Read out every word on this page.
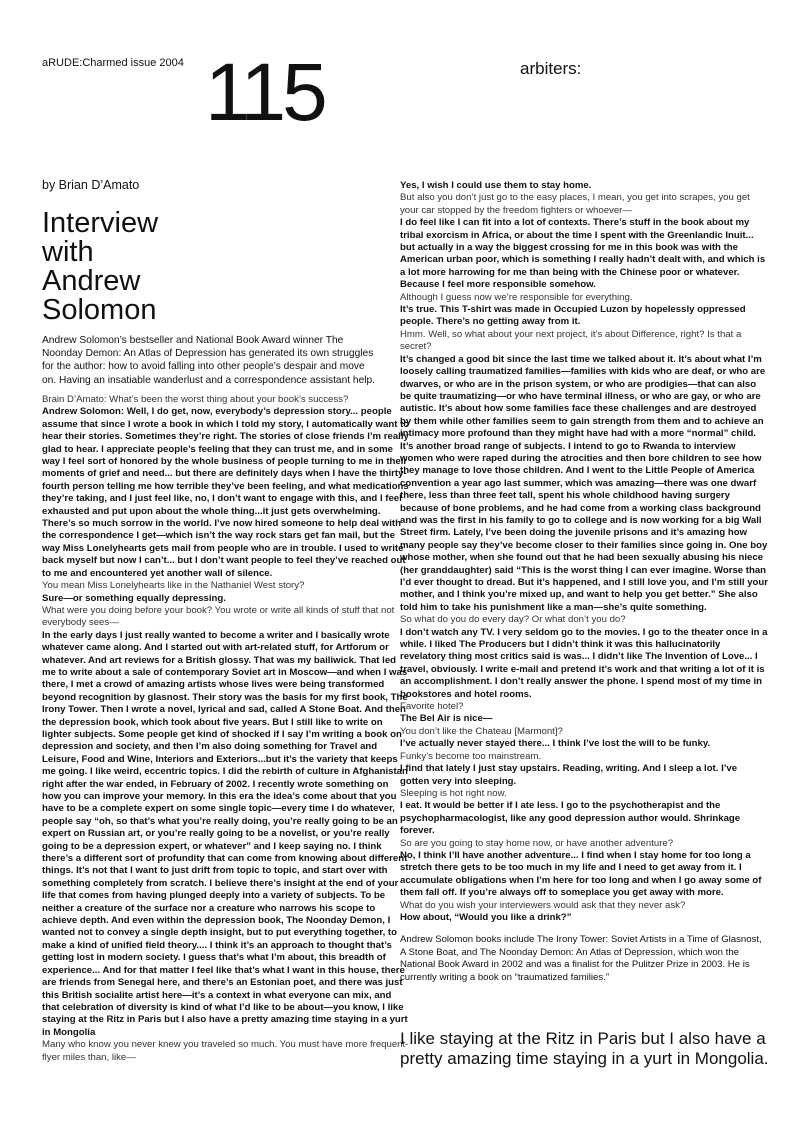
aRUDE:Charmed issue 2004 115	arbiters:
by Brian D’Amato
Interview
with
Andrew
Solomon
Andrew Solomon’s bestseller and National Book Award winner The Noonday Demon: An Atlas of Depression has generated its own struggles for the author: how to avoid falling into other people’s despair and move on. Having an insatiable wanderlust and a correspondence assistant help.
Brain D’Amato: What’s been the worst thing about your book’s success?
Andrew Solomon: Well, I do get, now, everybody’s depression story... people assume that since I wrote a book in which I told my story, I automatically want to hear their stories. Sometimes they’re right. The stories of close friends I’m really glad to hear. I appreciate people’s feeling that they can trust me, and in some way I feel sort of honored by the whole business of people turning to me in their moments of grief and need... but there are definitely days when I have the thirty-fourth person telling me how terrible they’ve been feeling, and what medications they’re taking, and I just feel like, no, I don’t want to engage with this, and I feel exhausted and put upon about the whole thing...it just gets overwhelming. There’s so much sorrow in the world. I’ve now hired someone to help deal with the correspondence I get—which isn’t the way rock stars get fan mail, but the way Miss Lonelyhearts gets mail from people who are in trouble. I used to write back myself but now I can’t... but I don’t want people to feel they’ve reached out to me and encountered yet another wall of silence.
You mean Miss Lonelyhearts like in the Nathaniel West story?
Sure—or something equally depressing.
What were you doing before your book? You wrote or write all kinds of stuff that not everybody sees—
In the early days I just really wanted to become a writer and I basically wrote whatever came along. And I started out with art-related stuff, for Artforum or whatever. And art reviews for a British glossy. That was my bailiwick. That led me to write about a sale of contemporary Soviet art in Moscow—and when I was there, I met a crowd of amazing artists whose lives were being transformed beyond recognition by glasnost. Their story was the basis for my first book, The Irony Tower. Then I wrote a novel, lyrical and sad, called A Stone Boat. And then the depression book, which took about five years. But I still like to write on lighter subjects. Some people get kind of shocked if I say I’m writing a book on depression and society, and then I’m also doing something for Travel and Leisure, Food and Wine, Interiors and Exteriors...but it’s the variety that keeps me going. I like weird, eccentric topics. I did the rebirth of culture in Afghanistan right after the war ended, in February of 2002. I recently wrote something on how you can improve your memory. In this era the idea’s come about that you have to be a complete expert on some single topic—every time I do whatever, people say “oh, so that’s what you’re really doing, you’re really going to be an expert on Russian art, or you’re really going to be a novelist, or you’re really going to be a depression expert, or whatever” and I keep saying no. I think there’s a different sort of profundity that can come from knowing about different things. It’s not that I want to just drift from topic to topic, and start over with something completely from scratch. I believe there’s insight at the end of your life that comes from having plunged deeply into a variety of subjects. To be neither a creature of the surface nor a creature who narrows his scope to achieve depth. And even within the depression book, The Noonday Demon, I wanted not to convey a single depth insight, but to put everything together, to make a kind of unified field theory.... I think it’s an approach to thought that’s getting lost in modern society. I guess that’s what I’m about, this breadth of experience... And for that matter I feel like that’s what I want in this house, there are friends from Senegal here, and there’s an Estonian poet, and there was just this British socialite artist here—it’s a context in what everyone can mix, and that celebration of diversity is kind of what I’d like to be about—you know, I like staying at the Ritz in Paris but I also have a pretty amazing time staying in a yurt in Mongolia
Many who know you never knew you traveled so much. You must have more frequent-flyer miles than, like—
Yes, I wish I could use them to stay home.
But also you don’t just go to the easy places, I mean, you get into scrapes, you get your car stopped by the freedom fighters or whoever—
I do feel like I can fit into a lot of contexts. There’s stuff in the book about my tribal exorcism in Africa, or about the time I spent with the Greenlandic Inuit... but actually in a way the biggest crossing for me in this book was with the American urban poor, which is something I really hadn’t dealt with, and which is a lot more harrowing for me than being with the Chinese poor or whatever. Because I feel more responsible somehow.
Although I guess now we’re responsible for everything.
It’s true. This T-shirt was made in Occupied Luzon by hopelessly oppressed people. There’s no getting away from it.
Hmm. Well, so what about your next project, it’s about Difference, right? Is that a secret?
It’s changed a good bit since the last time we talked about it. It’s about what I’m loosely calling traumatized families—families with kids who are deaf, or who are dwarves, or who are in the prison system, or who are prodigies—that can also be quite traumatizing—or who have terminal illness, or who are gay, or who are autistic. It’s about how some families face these challenges and are destroyed by them while other families seem to gain strength from them and to achieve an intimacy more profound than they might have had with a more “normal” child. It’s another broad range of subjects. I intend to go to Rwanda to interview women who were raped during the atrocities and then bore children to see how they manage to love those children. And I went to the Little People of America convention a year ago last summer, which was amazing—there was one dwarf there, less than three feet tall, spent his whole childhood having surgery because of bone problems, and he had come from a working class background and was the first in his family to go to college and is now working for a big Wall Street firm. Lately, I’ve been doing the juvenile prisons and it’s amazing how many people say they’ve become closer to their families since going in. One boy whose mother, when she found out that he had been sexually abusing his niece (her granddaughter) said “This is the worst thing I can ever imagine. Worse than I’d ever thought to dread. But it’s happened, and I still love you, and I’m still your mother, and I think you’re mixed up, and want to help you get better.” She also told him to take his punishment like a man—she’s quite something.
So what do you do every day? Or what don’t you do?
I don’t watch any TV. I very seldom go to the movies. I go to the theater once in a while. I liked The Producers but I didn’t think it was this hallucinatorily revelatory thing most critics said is was... I didn’t like The Invention of Love... I travel, obviously. I write e-mail and pretend it’s work and that writing a lot of it is an accomplishment. I don’t really answer the phone. I spend most of my time in bookstores and hotel rooms.
Favorite hotel?
The Bel Air is nice—
You don’t like the Chateau [Marmont]?
I’ve actually never stayed there... I think I’ve lost the will to be funky.
Funky’s become too mainstream.
I find that lately I just stay upstairs. Reading, writing. And I sleep a lot. I’ve gotten very into sleeping.
Sleeping is hot right now.
I eat. It would be better if I ate less. I go to the psychotherapist and the psychopharmacologist, like any good depression author would. Shrinkage forever.
So are you going to stay home now, or have another adventure?
No, I think I’ll have another adventure... I find when I stay home for too long a stretch there gets to be too much in my life and I need to get away from it. I accumulate obligations when I’m here for too long and when I go away some of them fall off. If you’re always off to someplace you get away with more.
What do you wish your interviewers would ask that they never ask?
How about, “Would you like a drink?”
Andrew Solomon books include The Irony Tower: Soviet Artists in a Time of Glasnost, A Stone Boat, and The Noonday Demon: An Atlas of Depression, which won the National Book Award in 2002 and was a finalist for the Pulitzer Prize in 2003. He is currently writing a book on “traumatized families.”
I like staying at the Ritz in Paris but I also have a pretty amazing time staying in a yurt in Mongolia.
